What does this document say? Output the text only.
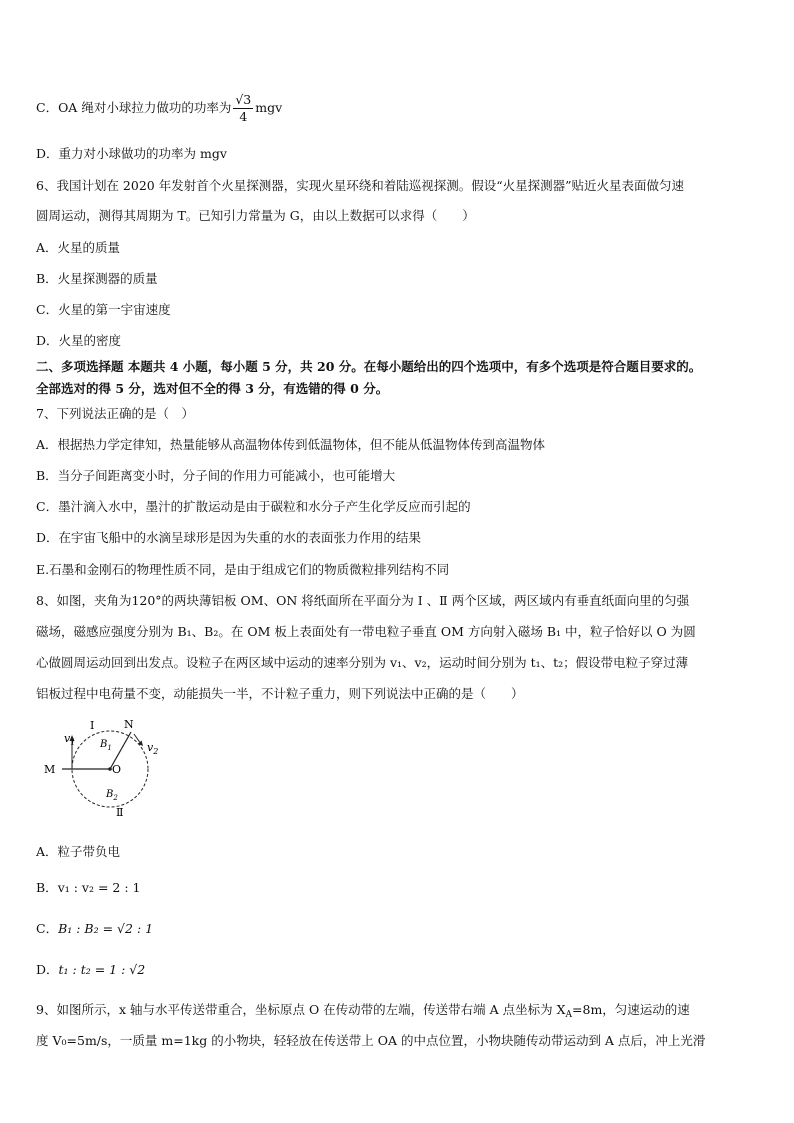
C．OA 绳对小球拉力做功的功率为 $\frac{√3}{4}$ mgv
D．重力对小球做功的功率为 mgv
6、我国计划在 2020 年发射首个火星探测器，实现火星环绕和着陆巡视探测。假设“火星探测器”贴近火星表面做匀速
圆周运动，测得其周期为 T。已知引力常量为 G，由以上数据可以求得（　　）
A．火星的质量
B．火星探测器的质量
C．火星的第一宇宙速度
D．火星的密度
二、多项选择题 本题共 4 小题，每小题 5 分，共 20 分。在每小题给出的四个选项中，有多个选项是符合题目要求的。
全部选对的得 5 分，选对但不全的得 3 分，有选错的得 0 分。
7、下列说法正确的是（　）
A．根据热力学定律知，热量能够从高温物体传到低温物体，但不能从低温物体传到高温物体
B．当分子间距离变小时，分子间的作用力可能减小，也可能增大
C．墨汁滴入水中，墨汁的扩散运动是由于碳粒和水分子产生化学反应而引起的
D．在宇宙飞船中的水滴呈球形是因为失重的水的表面张力作用的结果
E.石墨和金刚石的物理性质不同，是由于组成它们的物质微粒排列结构不同
8、如图，夹角为120°的两块薄铝板 OM、ON 将纸面所在平面分为 Ⅰ 、Ⅱ 两个区域，两区域内有垂直纸面向里的匀强
磁场，磁感应强度分别为 B₁、B₂。在 OM 板上表面处有一带电粒子垂直 OM 方向射入磁场 B₁ 中，粒子恰好以 O 为圆
心做圆周运动回到出发点。设粒子在两区域中运动的速率分别为 v₁、v₂，运动时间分别为 t₁、t₂；假设带电粒子穿过薄
铝板过程中电荷量不变，动能损失一半，不计粒子重力，则下列说法中正确的是（　　）
Ⅰ	N
$v_1$ $B_1$	$v_2$
M	O
$B_2$
Ⅱ
A．粒子带负电
B．v₁ : v₂ = 2 : 1
C．B₁ : B₂ = √2 : 1
D．t₁ : t₂ = 1 : √2
9、如图所示，x 轴与水平传送带重合，坐标原点 O 在传动带的左端，传送带右端 A 点坐标为 $X_A=8m$，匀速运动的速
度 V₀=5m/s，一质量 m=1kg 的小物块，轻轻放在传送带上 OA 的中点位置，小物块随传动带运动到 A 点后，冲上光滑
